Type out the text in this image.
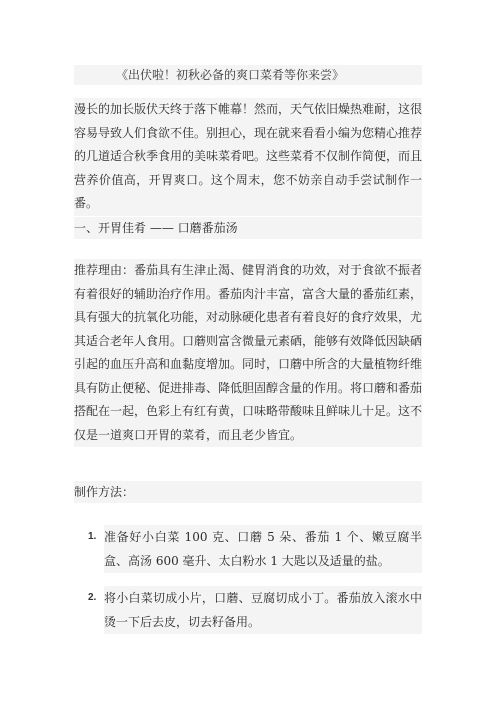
《出伏啦！初秋必备的爽口菜肴等你来尝》
漫长的加长版伏天终于落下帷幕！然而，天气依旧燥热难耐，这很容易导致人们食欲不佳。别担心，现在就来看看小编为您精心推荐的几道适合秋季食用的美味菜肴吧。这些菜肴不仅制作简便，而且营养价值高，开胃爽口。这个周末，您不妨亲自动手尝试制作一番。
一、开胃佳肴 —— 口蘑番茄汤
推荐理由：番茄具有生津止渴、健胃消食的功效，对于食欲不振者有着很好的辅助治疗作用。番茄肉汁丰富，富含大量的番茄红素，具有强大的抗氧化功能，对动脉硬化患者有着良好的食疗效果，尤其适合老年人食用。口蘑则富含微量元素硒，能够有效降低因缺硒引起的血压升高和血黏度增加。同时，口蘑中所含的大量植物纤维具有防止便秘、促进排毒、降低胆固醇含量的作用。将口蘑和番茄搭配在一起，色彩上有红有黄，口味略带酸味且鲜味儿十足。这不仅是一道爽口开胃的菜肴，而且老少皆宜。
制作方法：
1. 准备好小白菜 100 克、口蘑 5 朵、番茄 1 个、嫩豆腐半盒、高汤 600 毫升、太白粉水 1 大匙以及适量的盐。
2. 将小白菜切成小片，口蘑、豆腐切成小丁。番茄放入滚水中烫一下后去皮，切去籽备用。
